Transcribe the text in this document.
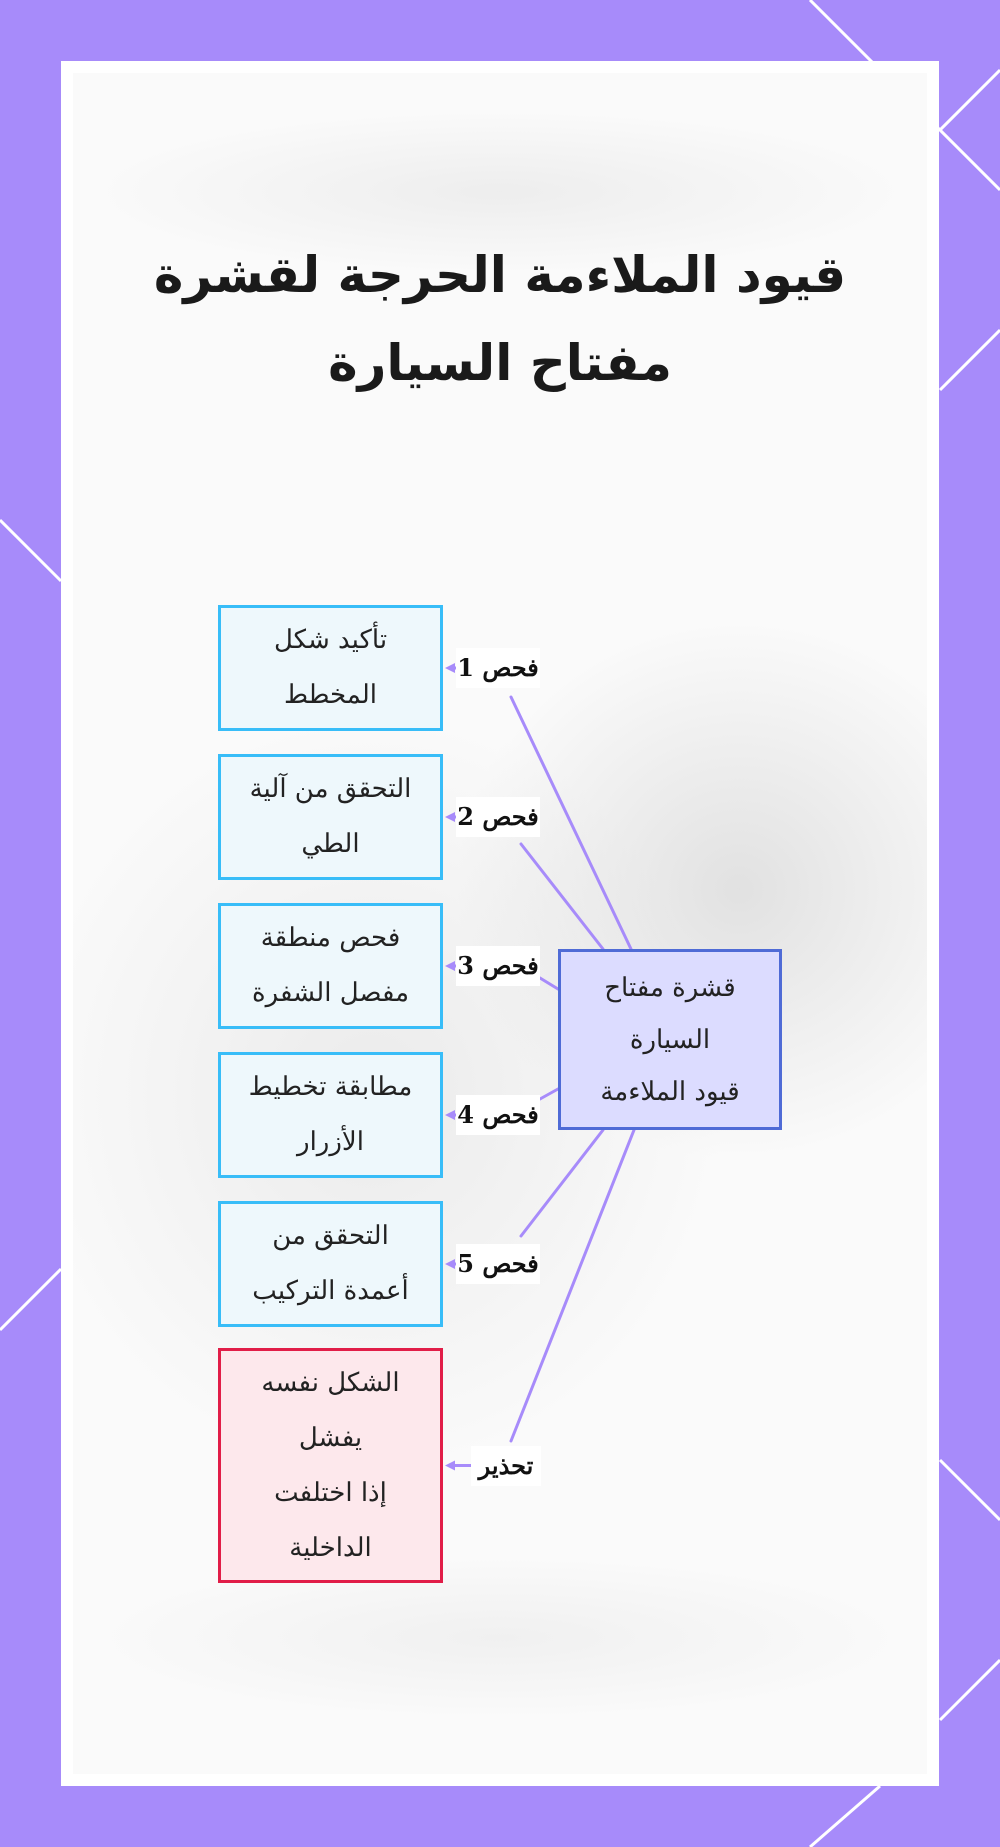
قيود الملاءمة الحرجة لقشرة
مفتاح السيارة
تأكيد شكل
المخطط
فحص 1
التحقق من آلية
الطي
فحص 2
فحص منطقة
مفصل الشفرة
فحص 3
مطابقة تخطيط
الأزرار
فحص 4
التحقق من
أعمدة التركيب
فحص 5
الشكل نفسه
يفشل
إذا اختلفت
الداخلية
تحذير
قشرة مفتاح
السيارة
قيود الملاءمة
